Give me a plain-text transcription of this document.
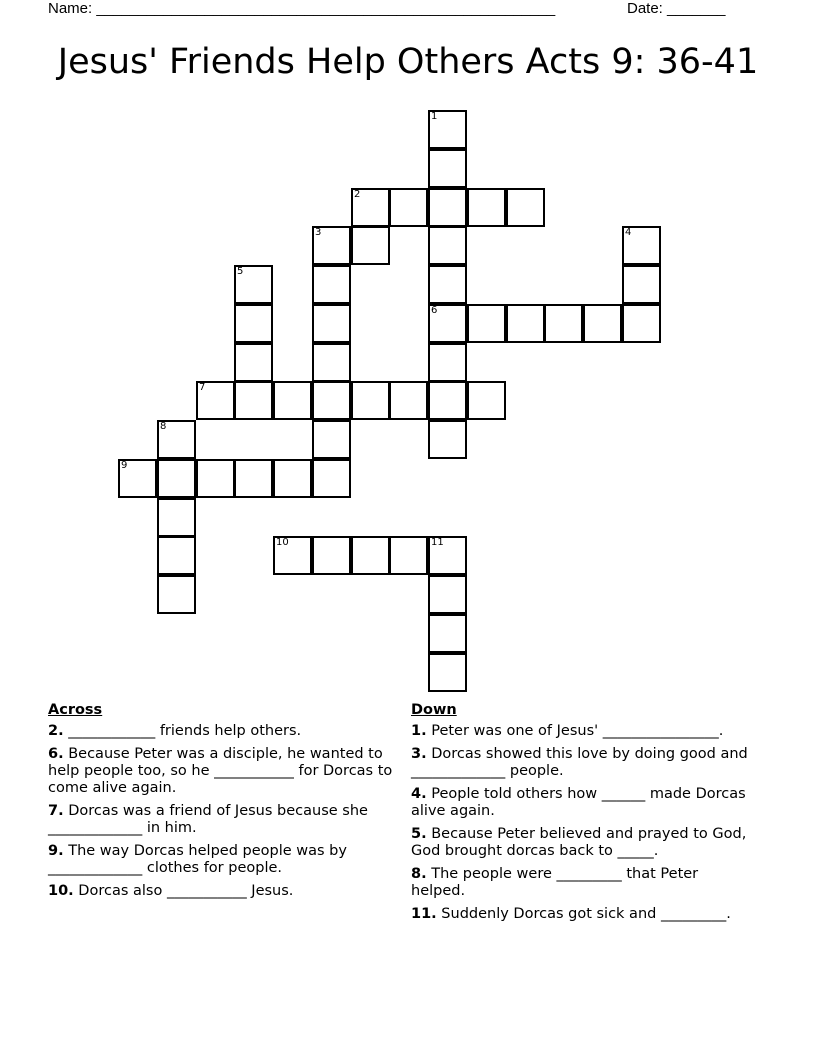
Name: _______________________________________________________	Date: _______
Jesus' Friends Help Others Acts 9: 36-41
1
2
3	4
5
6
7
8
9
10	11
Across
2. ____________ friends help others.
6. Because Peter was a disciple, he wanted to help people too, so he ___________ for Dorcas to come alive again.
7. Dorcas was a friend of Jesus because she _____________ in him.
9. The way Dorcas helped people was by _____________ clothes for people.
10. Dorcas also ___________ Jesus.
Down
1. Peter was one of Jesus' ________________.
3. Dorcas showed this love by doing good and _____________ people.
4. People told others how ______ made Dorcas alive again.
5. Because Peter believed and prayed to God, God brought dorcas back to _____.
8. The people were _________ that Peter helped.
11. Suddenly Dorcas got sick and _________.
